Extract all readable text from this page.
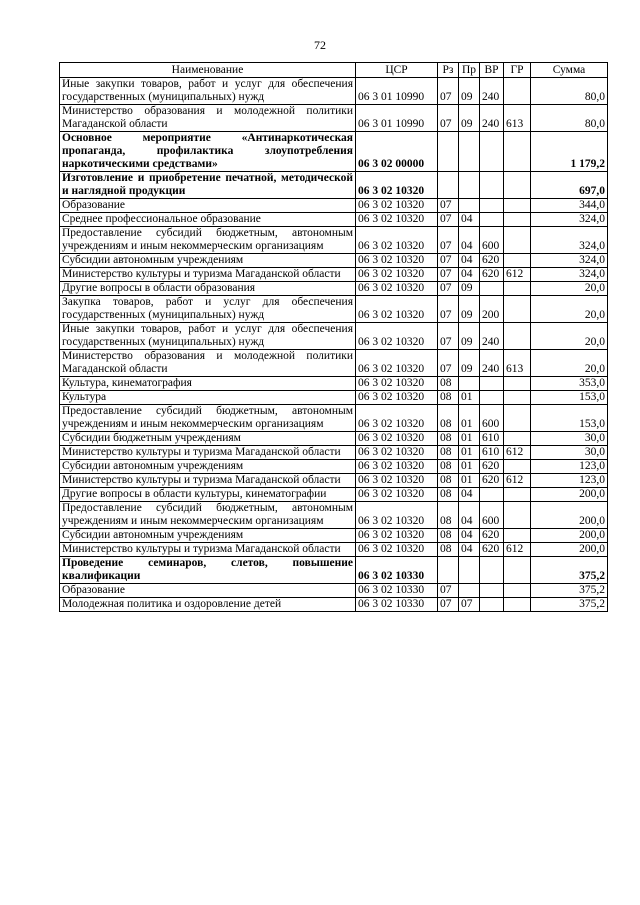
72
Наименование	ЦСР	Рз	Пр	ВР	ГР	Сумма
Иные закупки товаров, работ и услуг для обеспечения государственных (муниципальных) нужд	06 3 01 10990	07	09	240		80,0
Министерство образования и молодежной политики Магаданской области	06 3 01 10990	07	09	240	613	80,0
Основное мероприятие «Антинаркотическая пропаганда, профилактика злоупотребления наркотическими средствами»	06 3 02 00000					1 179,2
Изготовление и приобретение печатной, методической и наглядной продукции	06 3 02 10320					697,0
Образование	06 3 02 10320	07				344,0
Среднее профессиональное образование	06 3 02 10320	07	04			324,0
Предоставление субсидий бюджетным, автономным учреждениям и иным некоммерческим организациям	06 3 02 10320	07	04	600		324,0
Субсидии автономным учреждениям	06 3 02 10320	07	04	620		324,0
Министерство культуры и туризма Магаданской области	06 3 02 10320	07	04	620	612	324,0
Другие вопросы в области образования	06 3 02 10320	07	09			20,0
Закупка товаров, работ и услуг для обеспечения государственных (муниципальных) нужд	06 3 02 10320	07	09	200		20,0
Иные закупки товаров, работ и услуг для обеспечения государственных (муниципальных) нужд	06 3 02 10320	07	09	240		20,0
Министерство образования и молодежной политики Магаданской области	06 3 02 10320	07	09	240	613	20,0
Культура, кинематография	06 3 02 10320	08				353,0
Культура	06 3 02 10320	08	01			153,0
Предоставление субсидий бюджетным, автономным учреждениям и иным некоммерческим организациям	06 3 02 10320	08	01	600		153,0
Субсидии бюджетным учреждениям	06 3 02 10320	08	01	610		30,0
Министерство культуры и туризма Магаданской области	06 3 02 10320	08	01	610	612	30,0
Субсидии автономным учреждениям	06 3 02 10320	08	01	620		123,0
Министерство культуры и туризма Магаданской области	06 3 02 10320	08	01	620	612	123,0
Другие вопросы в области культуры, кинематографии	06 3 02 10320	08	04			200,0
Предоставление субсидий бюджетным, автономным учреждениям и иным некоммерческим организациям	06 3 02 10320	08	04	600		200,0
Субсидии автономным учреждениям	06 3 02 10320	08	04	620		200,0
Министерство культуры и туризма Магаданской области	06 3 02 10320	08	04	620	612	200,0
Проведение семинаров, слетов, повышение квалификации	06 3 02 10330					375,2
Образование	06 3 02 10330	07				375,2
Молодежная политика и оздоровление детей	06 3 02 10330	07	07			375,2
